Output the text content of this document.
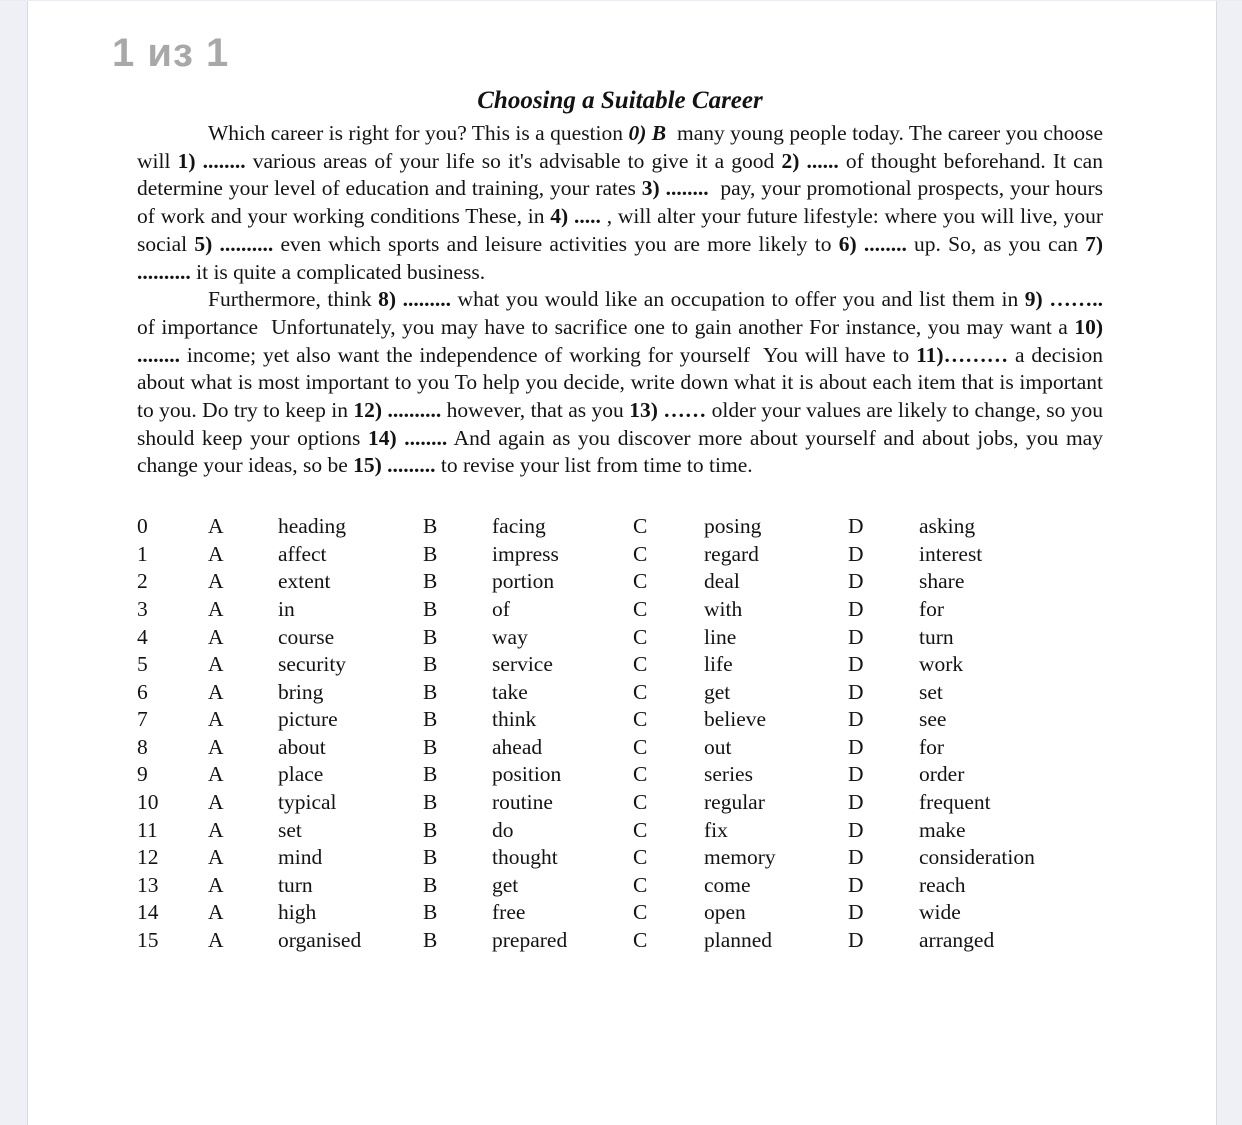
1 из 1
Choosing a Suitable Career

Which career is right for you? This is a question 0) B  many young people today. The career you choose will 1) ........ various areas of your life so it's advisable to give it a good 2) ...... of thought beforehand. It can determine your level of education and training, your rates 3) ........  pay, your promotional prospects, your hours of work and your working conditions These, in 4) ..... , will alter your future lifestyle: where you will live, your social 5) .......... even which sports and leisure activities you are more likely to 6) ........ up. So, as you can 7) .......... it is quite a complicated business.

Furthermore, think 8) ......... what you would like an occupation to offer you and list them in 9) …….. of importance  Unfortunately, you may have to sacrifice one to gain another For instance, you may want a 10)  ........ income; yet also want the independence of working for yourself  You will have to 11)……… a decision about what is most important to you To help you decide, write down what it is about each item that is important to you. Do try to keep in 12) .......... however, that as you 13) …… older your values are likely to change, so you should keep your options 14) ........ And again as you discover more about yourself and about jobs, you may change your ideas, so be 15) ......... to revise your list from time to time.

0	A	heading	B	facing	C	posing	D	asking
1	A	affect	B	impress	C	regard	D	interest
2	A	extent	B	portion	C	deal	D	share
3	A	in	B	of	C	with	D	for
4	A	course	B	way	C	line	D	turn
5	A	security	B	service	C	life	D	work
6	A	bring	B	take	C	get	D	set
7	A	picture	B	think	C	believe	D	see
8	A	about	B	ahead	C	out	D	for
9	A	place	B	position	C	series	D	order
10	A	typical	B	routine	C	regular	D	frequent
11	A	set	B	do	C	fix	D	make
12	A	mind	B	thought	C	memory	D	consideration
13	A	turn	B	get	C	come	D	reach
14	A	high	B	free	C	open	D	wide
15	A	organised	B	prepared	C	planned	D	arranged
